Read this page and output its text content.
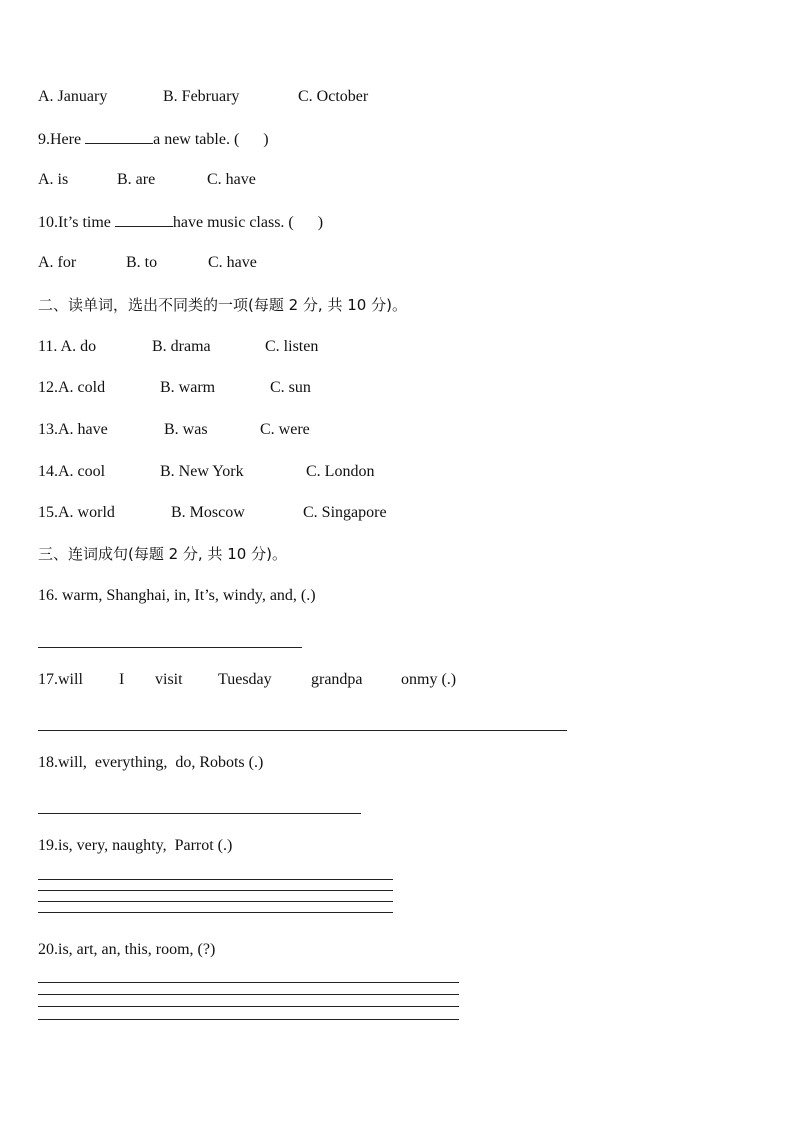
A. January	B. February	C. October
9.Here	a new table. (      )
A. is	B. are	C. have
10.It’s time	have music class. (      )
A. for	B. to	C. have
二、读单词，选出不同类的一项(每题 2 分, 共 10 分)。
11. A. do	B. drama	C. listen
12.A. cold	B. warm	C. sun
13.A. have	B. was	C. were
14.A. cool	B. New York	C. London
15.A. world	B. Moscow	C. Singapore
三、连词成句(每题 2 分, 共 10 分)。
16. warm, Shanghai, in, It’s, windy, and, (.)
17.will I visit Tuesday grandpa onmy (.)
18.will,  everything,  do, Robots (.)
19.is, very, naughty,  Parrot (.)
20.is, art, an, this, room, (?)
